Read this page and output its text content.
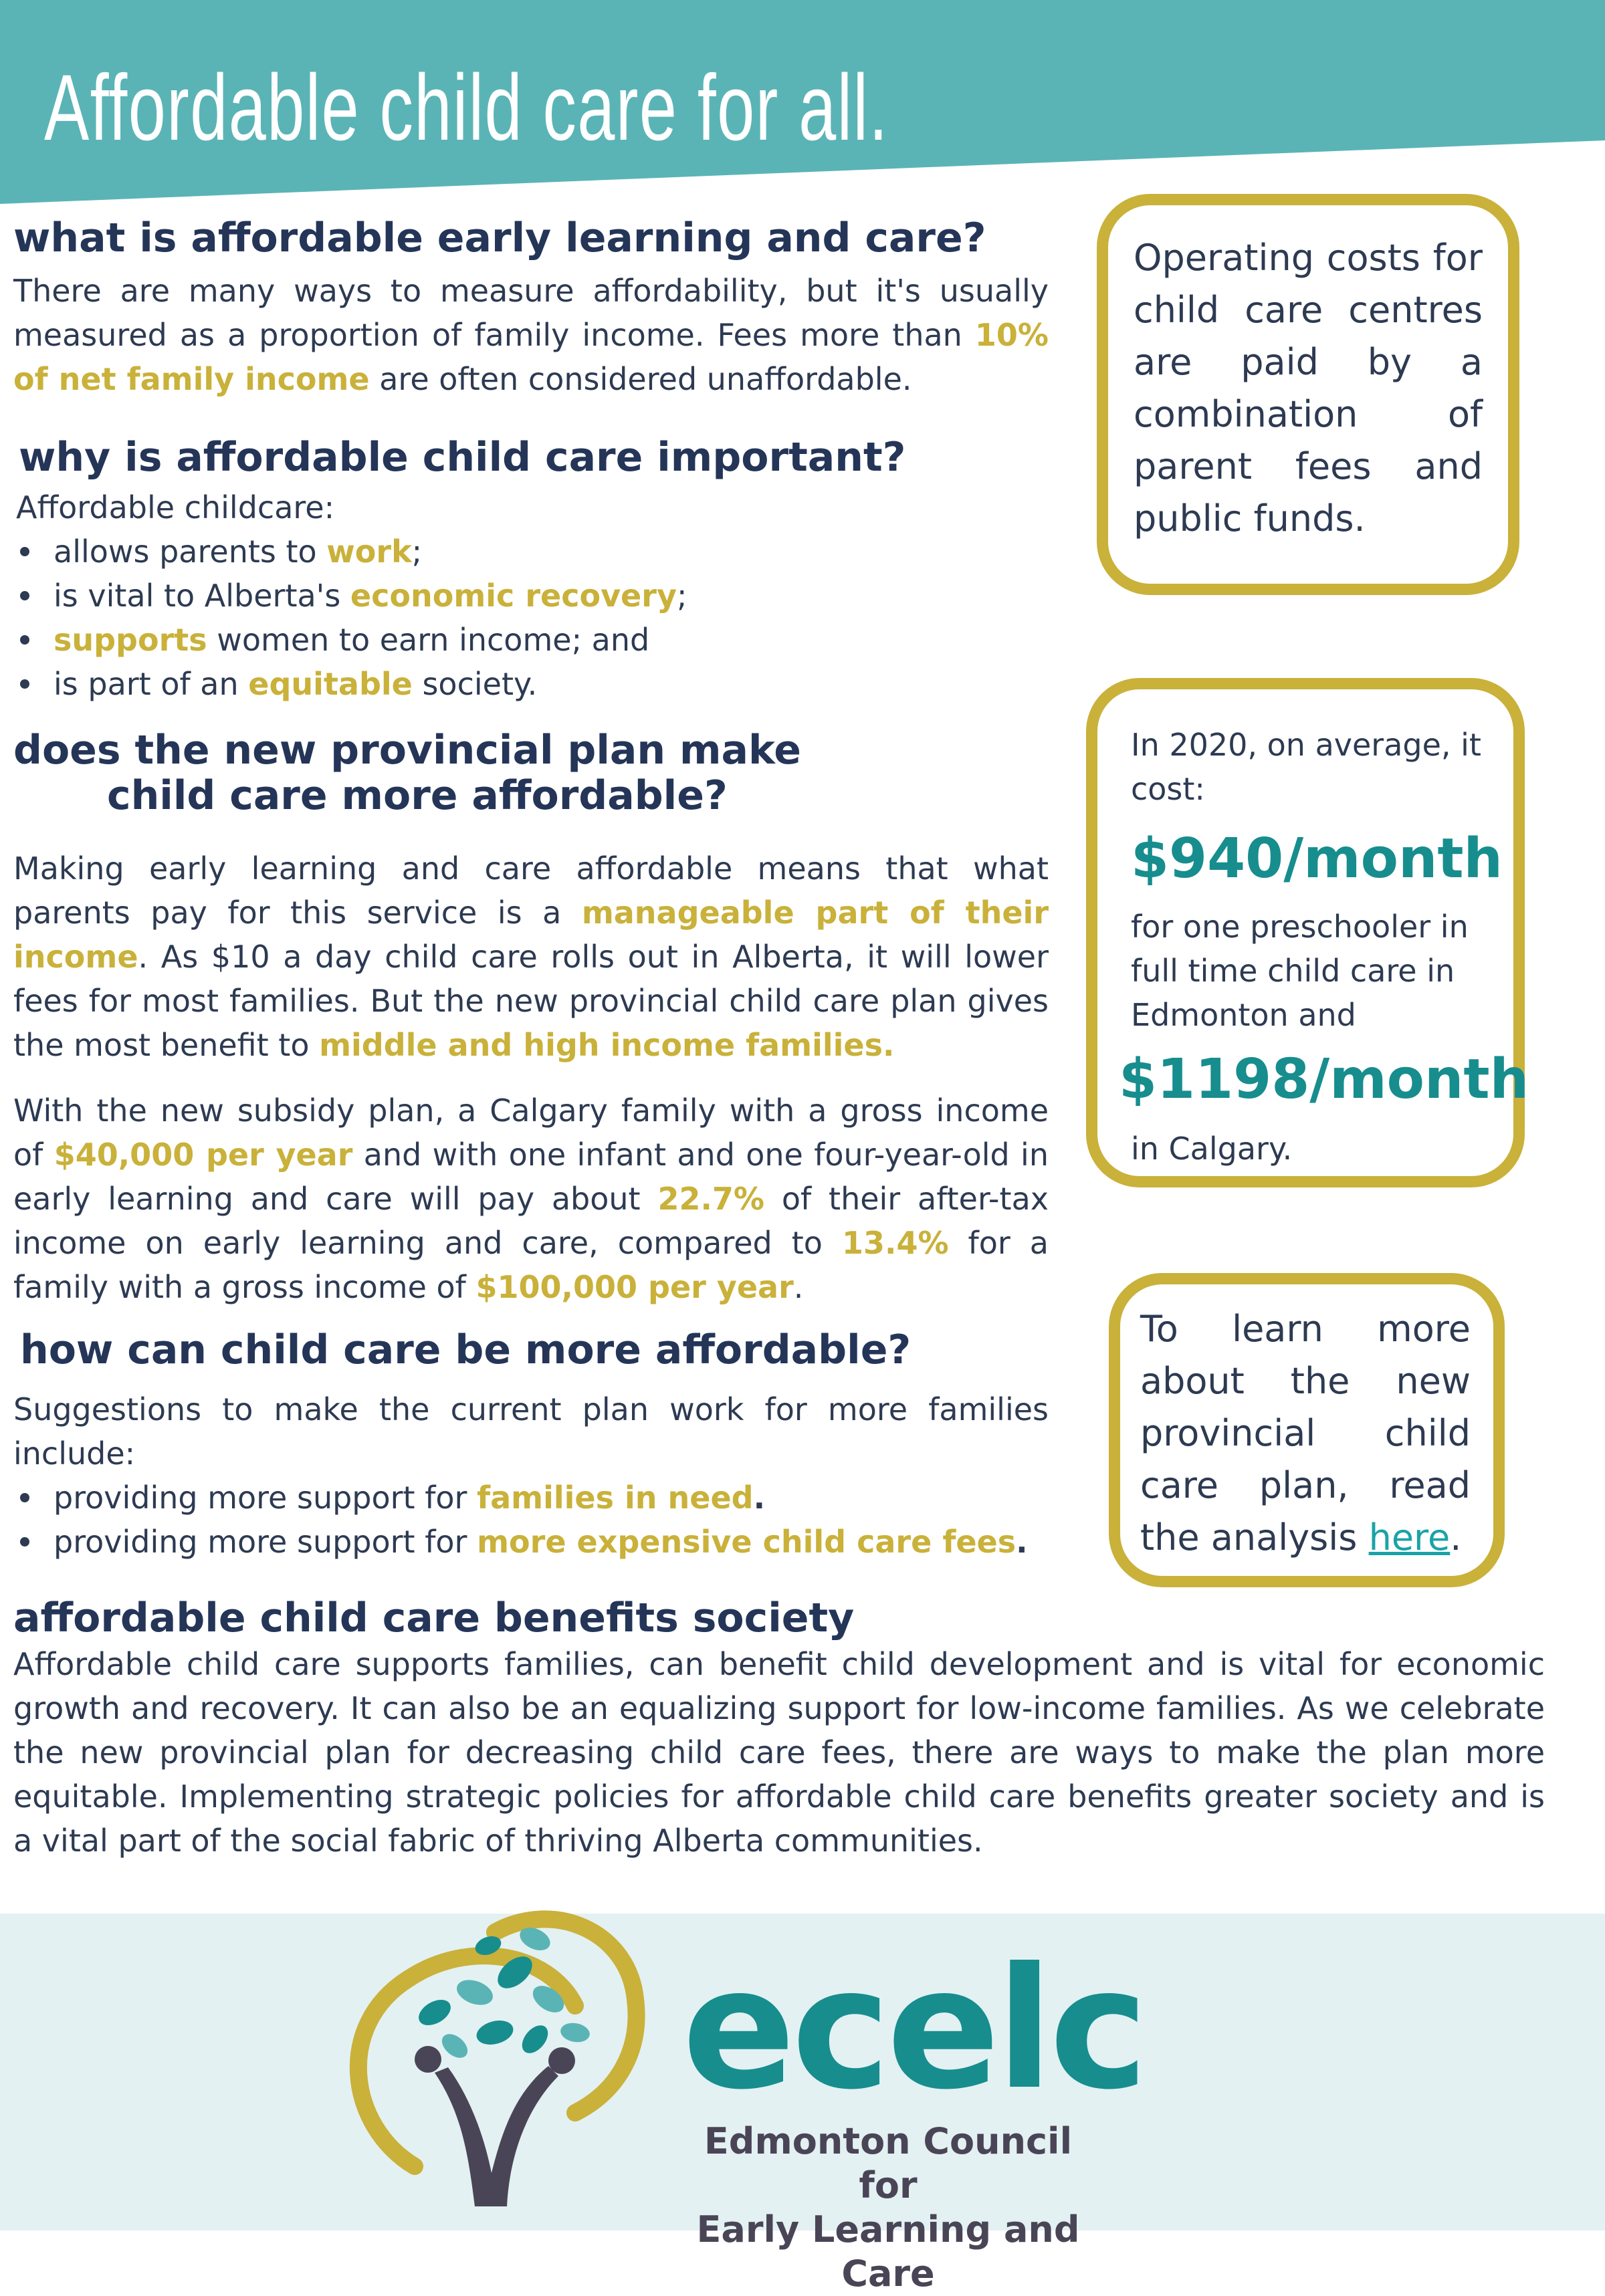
Affordable child care for all.
what is affordable early learning and care?

There are many ways to measure affordability, but it's usually measured as a proportion of family income. Fees more than 10% of net family income are often considered unaffordable.

why is affordable child care important?

Affordable childcare:

allows parents to work;
is vital to Alberta's economic recovery;
supports women to earn income; and
is part of an equitable society.
does the new provincial plan make
child care more affordable?

Making early learning and care affordable means that what parents pay for this service is a manageable part of their income. As $10 a day child care rolls out in Alberta, it will lower fees for most families. But the new provincial child care plan gives the most benefit to middle and high income families.

With the new subsidy plan, a Calgary family with a gross income of $40,000 per year and with one infant and one four-year-old in early learning and care will pay about 22.7% of their after-tax income on early learning and care, compared to 13.4% for a family with a gross income of $100,000 per year.

how can child care be more affordable?

Suggestions to make the current plan work for more families include:

providing more support for families in need.
providing more support for more expensive child care fees.
affordable child care benefits society

Affordable child care supports families, can benefit child development and is vital for economic growth and recovery. It can also be an equalizing support for low-income families. As we celebrate the new provincial plan for decreasing child care fees, there are ways to make the plan more equitable. Implementing strategic policies for affordable child care benefits greater society and is a vital part of the social fabric of thriving Alberta communities.

Operating costs for child care centres are paid by a combination of parent fees and public funds.

In 2020, on average, it cost:

$940/month

for one preschooler in full time child care in Edmonton and

$1198/month

in Calgary.

To learn more about the new provincial child care plan, read the analysis here.

ecelc

Edmonton Council for
Early Learning and Care
